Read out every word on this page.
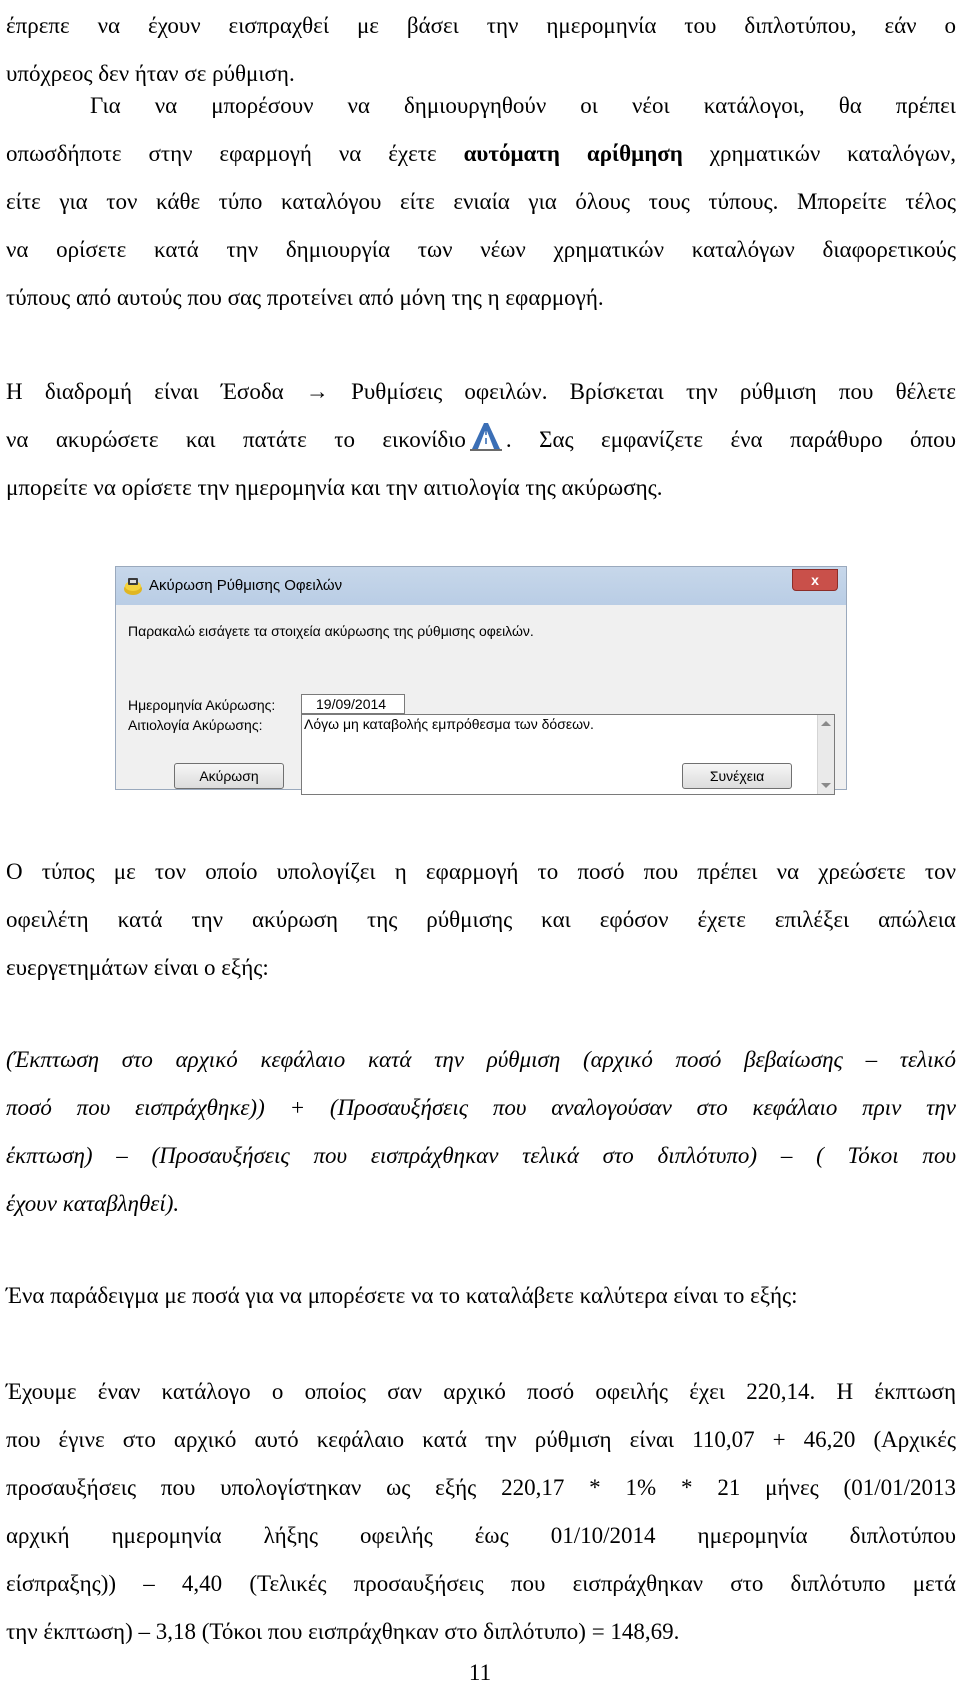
έπρεπε να έχουν εισπραχθεί με βάσει την ημερομηνία του διπλοτύπου, εάν ο
υπόχρεος δεν ήταν σε ρύθμιση.
Για να μπορέσουν να δημιουργηθούν οι νέοι κατάλογοι, θα πρέπει
οπωσδήποτε στην εφαρμογή να έχετε αυτόματη αρίθμηση χρηματικών καταλόγων,
είτε για τον κάθε τύπο καταλόγου είτε ενιαία για όλους τους τύπους. Μπορείτε τέλος
να ορίσετε κατά την δημιουργία των νέων χρηματικών καταλόγων διαφορετικούς
τύπους από αυτούς που σας προτείνει από μόνη της η εφαρμογή.
Η διαδρομή είναι Έσοδα → Ρυθμίσεις οφειλών. Βρίσκεται την ρύθμιση που θέλετε
να ακυρώσετε και πατάτε το εικονίδιο . Σας εμφανίζετε ένα παράθυρο όπου
μπορείτε να ορίσετε την ημερομηνία και την αιτιολογία της ακύρωσης.
Ο τύπος με τον οποίο υπολογίζει η εφαρμογή το ποσό που πρέπει να χρεώσετε τον
οφειλέτη κατά την ακύρωση της ρύθμισης και εφόσον έχετε επιλέξει απώλεια
ευεργετημάτων είναι ο εξής:
(Έκπτωση στο αρχικό κεφάλαιο κατά την ρύθμιση (αρχικό ποσό βεβαίωσης – τελικό
ποσό που εισπράχθηκε)) + (Προσαυξήσεις που αναλογούσαν στο κεφάλαιο πριν την
έκπτωση) – (Προσαυξήσεις που εισπράχθηκαν τελικά στο διπλότυπο) – ( Τόκοι που
έχουν καταβληθεί).
Ένα παράδειγμα με ποσά για να μπορέσετε να το καταλάβετε καλύτερα είναι το εξής:
Έχουμε έναν κατάλογο ο οποίος σαν αρχικό ποσό οφειλής έχει 220,14. Η έκπτωση
που έγινε στο αρχικό αυτό κεφάλαιο κατά την ρύθμιση είναι 110,07 + 46,20 (Αρχικές
προσαυξήσεις που υπολογίστηκαν ως εξής 220,17 * 1% * 21 μήνες (01/01/2013
αρχική ημερομηνία λήξης οφειλής έως 01/10/2014 ημερομηνία διπλοτύπου
είσπραξης)) – 4,40 (Τελικές προσαυξήσεις που εισπράχθηκαν στο διπλότυπο μετά
την έκπτωση) – 3,18 (Τόκοι που εισπράχθηκαν στο διπλότυπο) = 148,69.
Ακύρωση Ρύθμισης Οφειλών	x
Παρακαλώ εισάγετε τα στοιχεία ακύρωσης της ρύθμισης οφειλών.
Ημερομηνία Ακύρωσης:	19/09/2014
Αιτιολογία Ακύρωσης:	Λόγω μη καταβολής εμπρόθεσμα των δόσεων.
Ακύρωση	Συνέχεια
11
